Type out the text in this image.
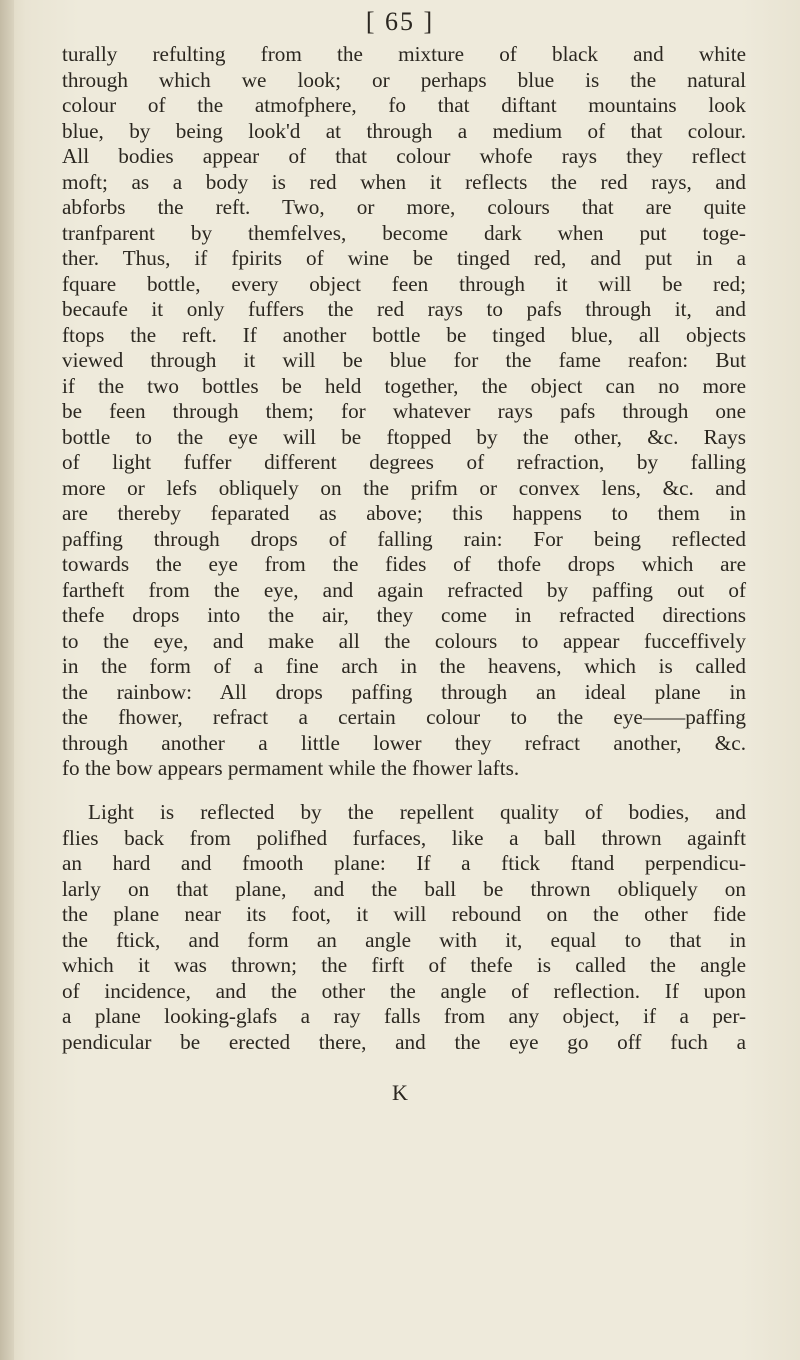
[ 65 ]
turally refulting from the mixture of black and white
through which we look; or perhaps blue is the natural
colour of the atmofphere, fo that diftant mountains look
blue, by being look'd at through a medium of that colour.
All bodies appear of that colour whofe rays they reflect
moft; as a body is red when it reflects the red rays, and
abforbs the reft. Two, or more, colours that are quite
tranfparent by themfelves, become dark when put toge-
ther. Thus, if fpirits of wine be tinged red, and put in a
fquare bottle, every object feen through it will be red;
becaufe it only fuffers the red rays to pafs through it, and
ftops the reft. If another bottle be tinged blue, all objects
viewed through it will be blue for the fame reafon: But
if the two bottles be held together, the object can no more
be feen through them; for whatever rays pafs through one
bottle to the eye will be ftopped by the other, &c. Rays
of light fuffer different degrees of refraction, by falling
more or lefs obliquely on the prifm or convex lens, &c. and
are thereby feparated as above; this happens to them in
paffing through drops of falling rain: For being reflected
towards the eye from the fides of thofe drops which are
fartheft from the eye, and again refracted by paffing out of
thefe drops into the air, they come in refracted directions
to the eye, and make all the colours to appear fucceffively
in the form of a fine arch in the heavens, which is called
the rainbow: All drops paffing through an ideal plane in
the fhower, refract a certain colour to the eye——paffing
through another a little lower they refract another, &c.
fo the bow appears permament while the fhower lafts.
Light is reflected by the repellent quality of bodies, and
flies back from polifhed furfaces, like a ball thrown againft
an hard and fmooth plane: If a ftick ftand perpendicu-
larly on that plane, and the ball be thrown obliquely on
the plane near its foot, it will rebound on the other fide
the ftick, and form an angle with it, equal to that in
which it was thrown; the firft of thefe is called the angle
of incidence, and the other the angle of reflection. If upon
a plane looking-glafs a ray falls from any object, if a per-
pendicular be erected there, and the eye go off fuch a
K
